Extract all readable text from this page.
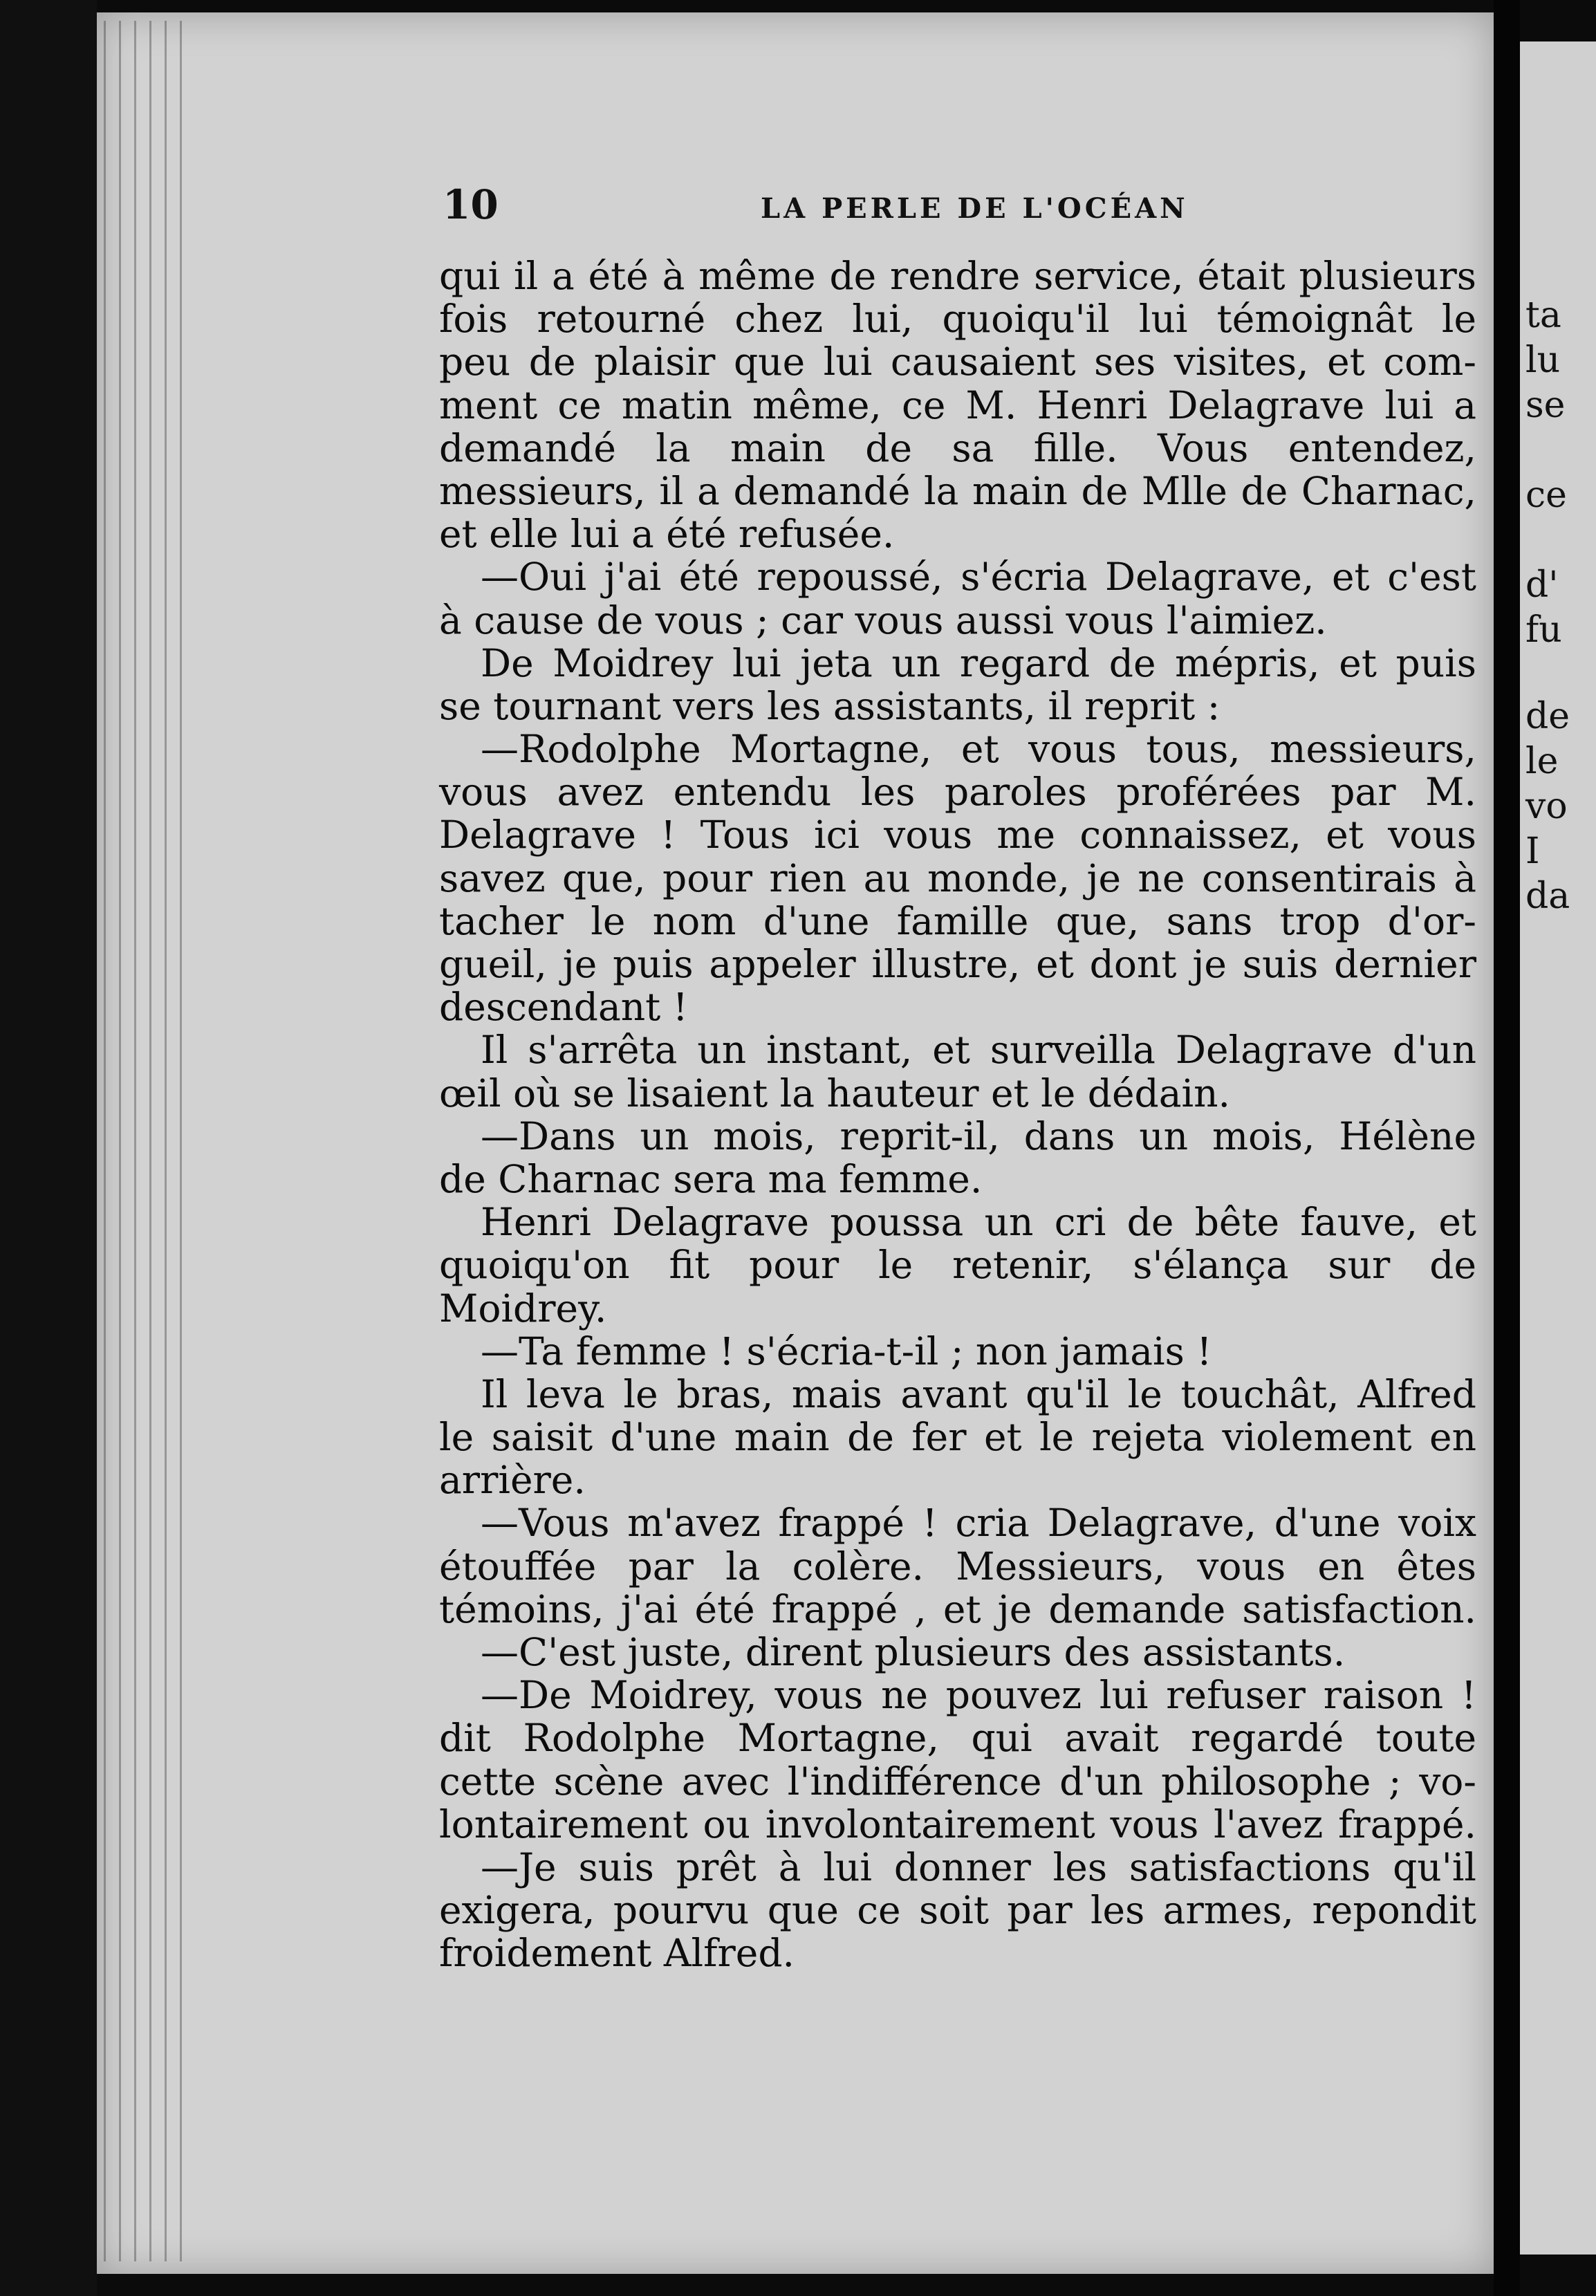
10	LA PERLE DE L'OCÉAN
qui il a été à même de rendre service, était plusieurs
fois retourné chez lui, quoiqu'il lui témoignât le
peu de plaisir que lui causaient ses visites, et com-
ment ce matin même, ce M. Henri Delagrave lui a
demandé la main de sa fille. Vous entendez,
messieurs, il a demandé la main de Mlle de Charnac,
et elle lui a été refusée.
—Oui j'ai été repoussé, s'écria Delagrave, et c'est
à cause de vous ; car vous aussi vous l'aimiez.
De Moidrey lui jeta un regard de mépris, et puis
se tournant vers les assistants, il reprit :
—Rodolphe Mortagne, et vous tous, messieurs,
vous avez entendu les paroles proférées par M.
Delagrave ! Tous ici vous me connaissez, et vous
savez que, pour rien au monde, je ne consentirais à
tacher le nom d'une famille que, sans trop d'or-
gueil, je puis appeler illustre, et dont je suis dernier
descendant !
Il s'arrêta un instant, et surveilla Delagrave d'un
œil où se lisaient la hauteur et le dédain.
—Dans un mois, reprit-il, dans un mois, Hélène
de Charnac sera ma femme.
Henri Delagrave poussa un cri de bête fauve, et
quoiqu'on fit pour le retenir, s'élança sur de
Moidrey.
—Ta femme ! s'écria-t-il ; non jamais !
Il leva le bras, mais avant qu'il le touchât, Alfred
le saisit d'une main de fer et le rejeta violement en
arrière.
—Vous m'avez frappé ! cria Delagrave, d'une voix
étouffée par la colère. Messieurs, vous en êtes
témoins, j'ai été frappé , et je demande satisfaction.
—C'est juste, dirent plusieurs des assistants.
—De Moidrey, vous ne pouvez lui refuser raison !
dit Rodolphe Mortagne, qui avait regardé toute
cette scène avec l'indifférence d'un philosophe ; vo-
lontairement ou involontairement vous l'avez frappé.
—Je suis prêt à lui donner les satisfactions qu'il
exigera, pourvu que ce soit par les armes, repondit
froidement Alfred.
ta
lu
se
ce
d'
fu
de
le
vo
I
da
